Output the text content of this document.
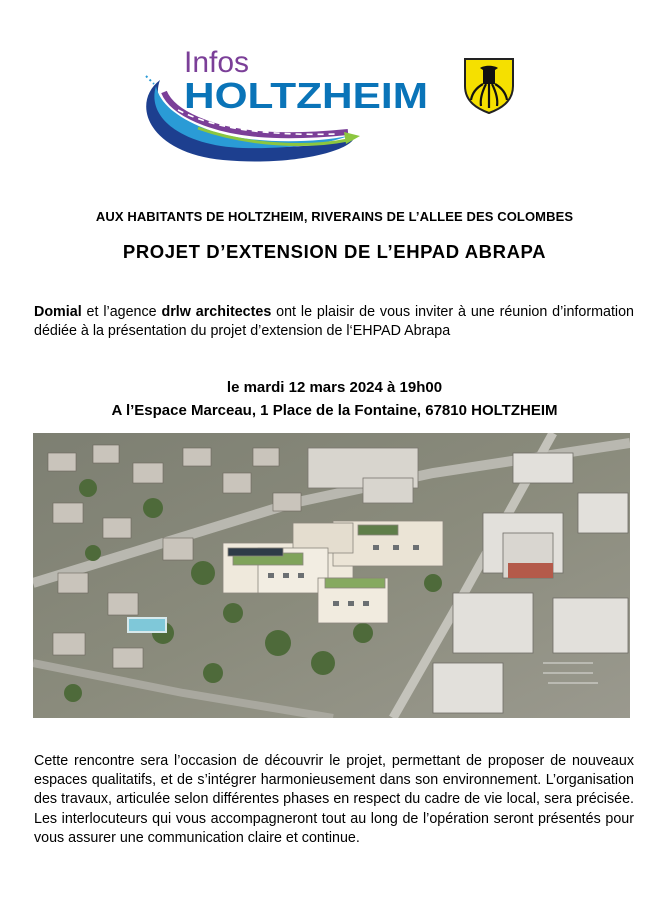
Infos
HOLTZHEIM
AUX HABITANTS DE HOLTZHEIM, RIVERAINS DE L’ALLEE DES COLOMBES
PROJET D’EXTENSION DE L’EHPAD ABRAPA
Domial et l’agence drlw architectes ont le plaisir de vous inviter à une réunion d’information dédiée à la présentation du projet d’extension de l‘EHPAD Abrapa
le mardi 12 mars 2024 à 19h00
A l’Espace Marceau, 1 Place de la Fontaine, 67810 HOLTZHEIM
Cette rencontre sera l’occasion de découvrir le projet, permettant de proposer de nouveaux espaces qualitatifs, et de s’intégrer harmonieusement dans son environnement. L’organisation des travaux, articulée selon différentes phases en respect du cadre de vie local, sera précisée. Les interlocuteurs qui vous accompagneront tout au long de l’opération seront présentés pour vous assurer une communication claire et continue.
